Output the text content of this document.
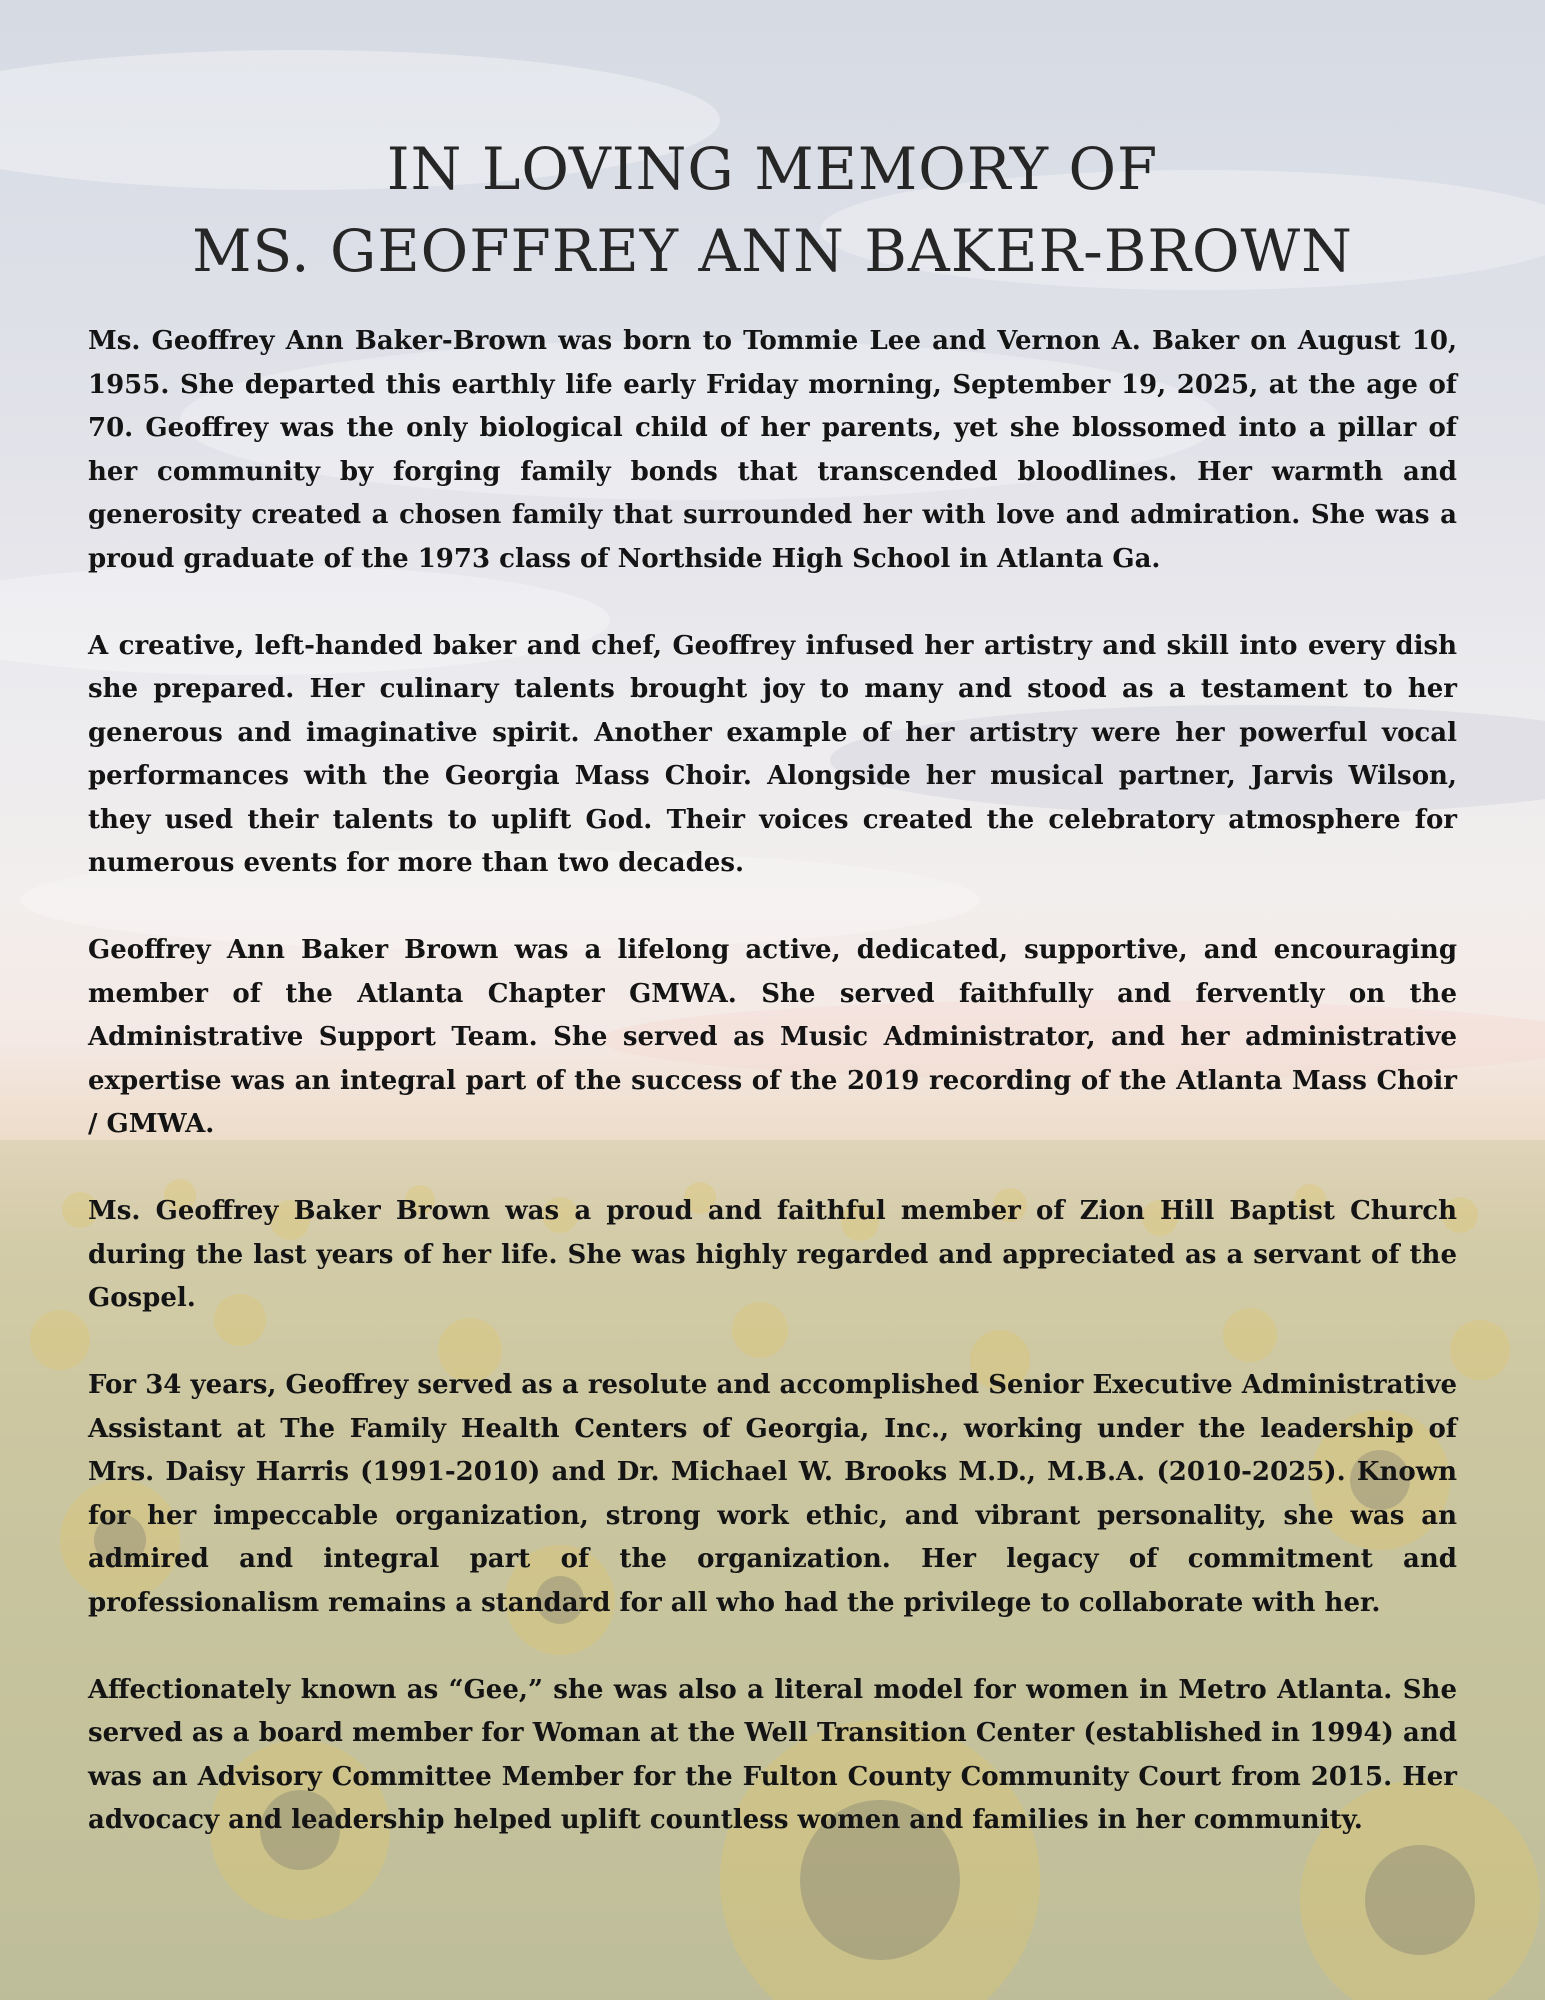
IN LOVING MEMORY OF
MS. GEOFFREY ANN BAKER-BROWN

Ms. Geoffrey Ann Baker-Brown was born to Tommie Lee and Vernon A. Baker on August 10, 1955. She departed this earthly life early Friday morning, September 19, 2025, at the age of 70. Geoffrey was the only biological child of her parents, yet she blossomed into a pillar of her community by forging family bonds that transcended bloodlines. Her warmth and generosity created a chosen family that surrounded her with love and admiration. She was a proud graduate of the 1973 class of Northside High School in Atlanta Ga.

A creative, left-handed baker and chef, Geoffrey infused her artistry and skill into every dish she prepared. Her culinary talents brought joy to many and stood as a testament to her generous and imaginative spirit. Another example of her artistry were her powerful vocal performances with the Georgia Mass Choir. Alongside her musical partner, Jarvis Wilson, they used their talents to uplift God. Their voices created the celebratory atmosphere for numerous events for more than two decades.

Geoffrey Ann Baker Brown was a lifelong active, dedicated, supportive, and encouraging member of the Atlanta Chapter GMWA. She served faithfully and fervently on the Administrative Support Team. She served as Music Administrator, and her administrative expertise was an integral part of the success of the 2019 recording of the Atlanta Mass Choir / GMWA.

Ms. Geoffrey Baker Brown was a proud and faithful member of Zion Hill Baptist Church during the last years of her life. She was highly regarded and appreciated as a servant of the Gospel.

For 34 years, Geoffrey served as a resolute and accomplished Senior Executive Administrative Assistant at The Family Health Centers of Georgia, Inc., working under the leadership of Mrs. Daisy Harris (1991-2010) and Dr. Michael W. Brooks M.D., M.B.A. (2010-2025). Known for her impeccable organization, strong work ethic, and vibrant personality, she was an admired and integral part of the organization. Her legacy of commitment and professionalism remains a standard for all who had the privilege to collaborate with her.

Affectionately known as “Gee,” she was also a literal model for women in Metro Atlanta. She served as a board member for Woman at the Well Transition Center (established in 1994) and was an Advisory Committee Member for the Fulton County Community Court from 2015. Her advocacy and leadership helped uplift countless women and families in her community.
